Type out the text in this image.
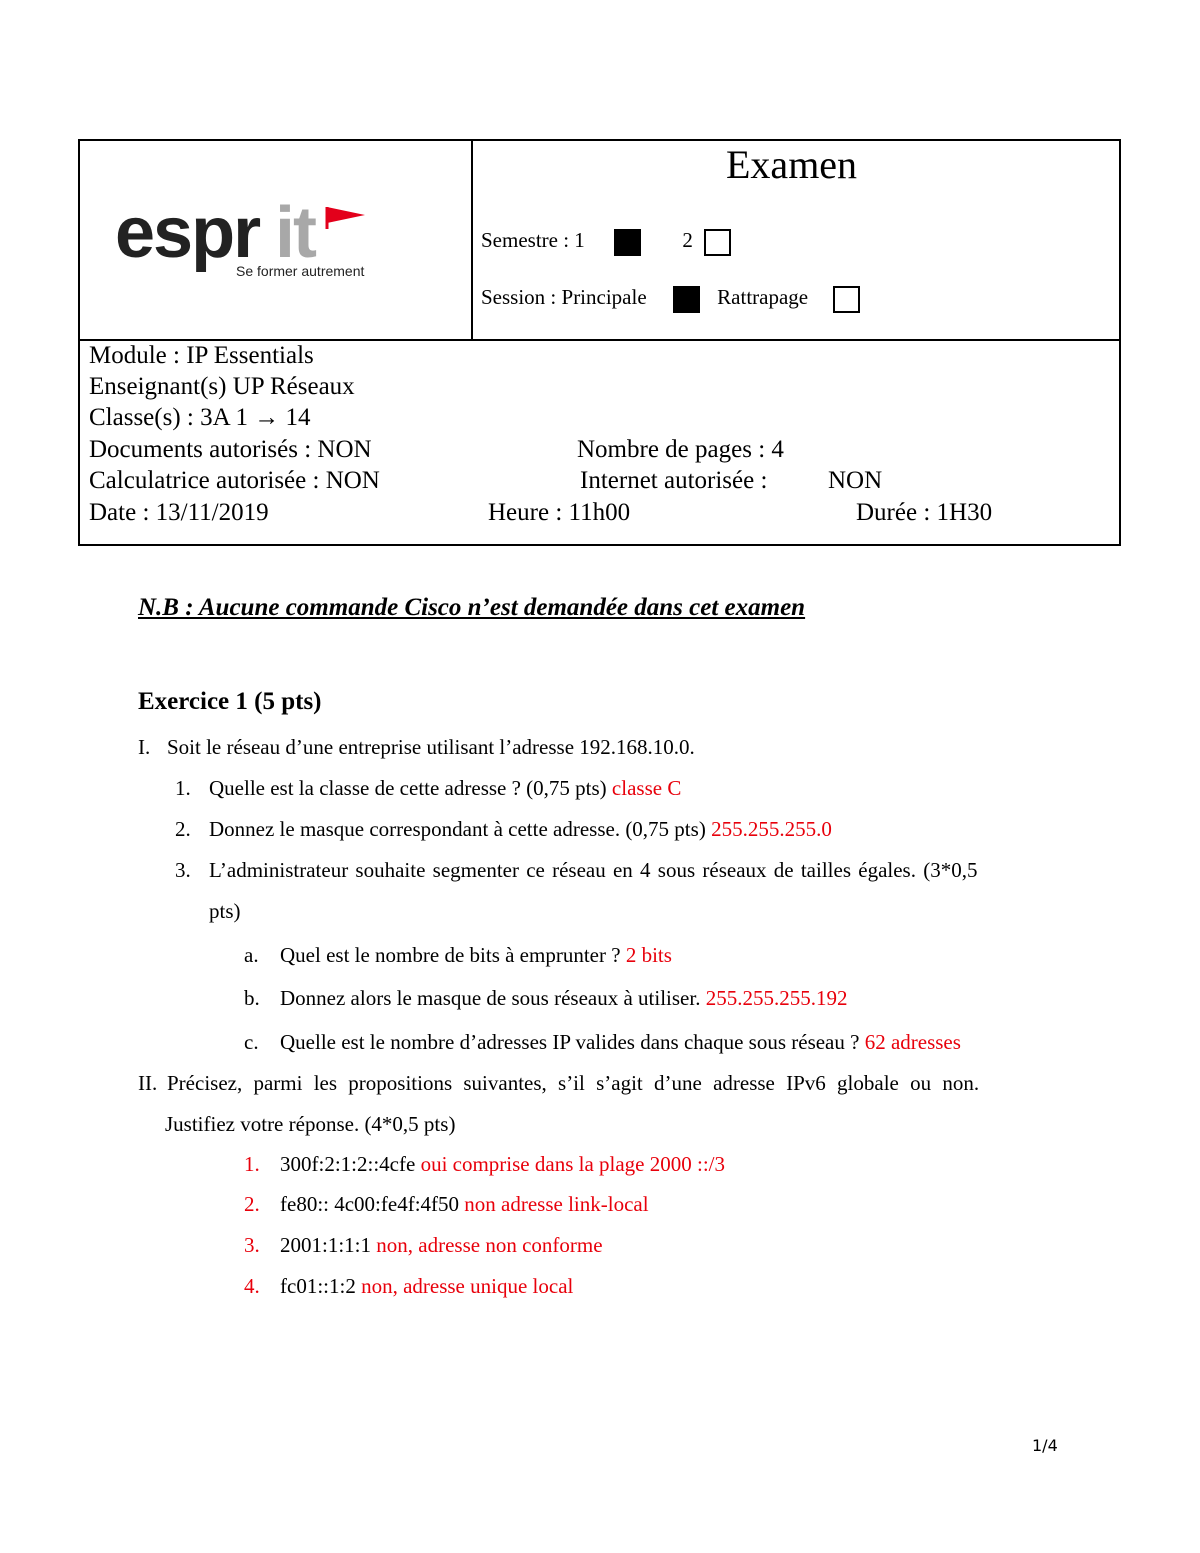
espr it
Se former autrement
Examen
Semestre : 1	2
Session : Principale	Rattrapage
Module : IP Essentials
Enseignant(s) UP Réseaux
Classe(s) : 3A 1 → 14
Documents autorisés : NON	Nombre de pages : 4
Calculatrice autorisée : NON	Internet autorisée : NON
Date : 13/11/2019	Heure : 11h00	Durée : 1H30
N.B : Aucune commande Cisco n’est demandée dans cet examen
Exercice 1 (5 pts)
I. Soit le réseau d’une entreprise utilisant l’adresse 192.168.10.0.
1. Quelle est la classe de cette adresse ? (0,75 pts) classe C
2. Donnez le masque correspondant à cette adresse. (0,75 pts) 255.255.255.0
3. L’administrateur souhaite segmenter ce réseau en 4 sous réseaux de tailles égales. (3*0,5
pts)
a. Quel est le nombre de bits à emprunter ? 2 bits
b. Donnez alors le masque de sous réseaux à utiliser. 255.255.255.192
c. Quelle est le nombre d’adresses IP valides dans chaque sous réseau ? 62 adresses
II. Précisez, parmi les propositions suivantes, s’il s’agit d’une adresse IPv6 globale ou non.
Justifiez votre réponse. (4*0,5 pts)
1. 300f:2:1:2::4cfe oui comprise dans la plage 2000 ::/3
2. fe80:: 4c00:fe4f:4f50 non adresse link-local
3. 2001:1:1:1 non, adresse non conforme
4. fc01::1:2 non, adresse unique local
1/4
